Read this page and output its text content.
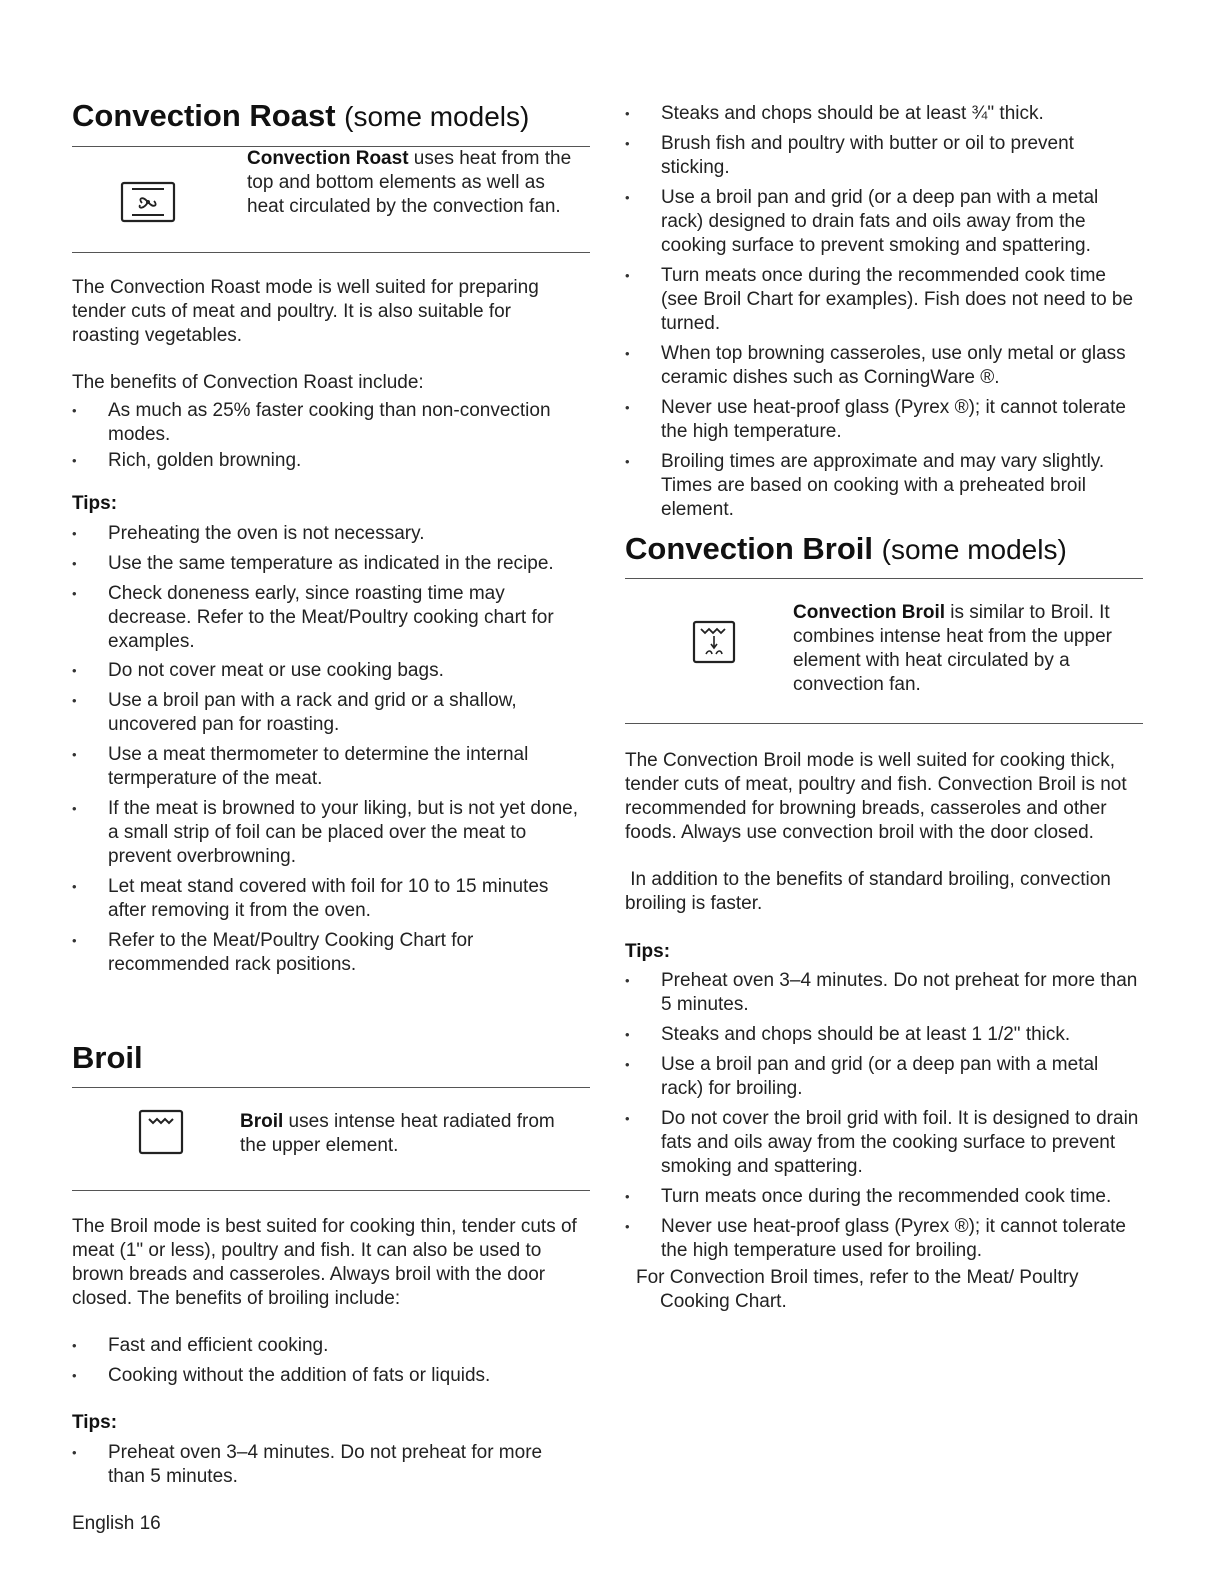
Convection Roast (some models)

Convection Roast uses heat from the top and bottom elements as well as heat circulated by the convection fan.

The Convection Roast mode is well suited for preparing tender cuts of meat and poultry. It is also suitable for roasting vegetables.

The benefits of Convection Roast include:

• As much as 25% faster cooking than non-convection modes.
• Rich, golden browning.

Tips:

• Preheating the oven is not necessary.
• Use the same temperature as indicated in the recipe.
• Check doneness early, since roasting time may decrease. Refer to the Meat/Poultry cooking chart for examples.
• Do not cover meat or use cooking bags.
• Use a broil pan with a rack and grid or a shallow, uncovered pan for roasting.
• Use a meat thermometer to determine the internal termperature of the meat.
• If the meat is browned to your liking, but is not yet done, a small strip of foil can be placed over the meat to prevent overbrowning.
• Let meat stand covered with foil for 10 to 15 minutes after removing it from the oven.
• Refer to the Meat/Poultry Cooking Chart for recommended rack positions.
Broil

Broil uses intense heat radiated from the upper element.

The Broil mode is best suited for cooking thin, tender cuts of meat (1" or less), poultry and fish. It can also be used to brown breads and casseroles. Always broil with the door closed. The benefits of broiling include:

• Fast and efficient cooking.
• Cooking without the addition of fats or liquids.

Tips:

• Preheat oven 3–4 minutes. Do not preheat for more than 5 minutes.
• Steaks and chops should be at least ¾" thick.
• Brush fish and poultry with butter or oil to prevent sticking.
• Use a broil pan and grid (or a deep pan with a metal rack) designed to drain fats and oils away from the cooking surface to prevent smoking and spattering.
• Turn meats once during the recommended cook time (see Broil Chart for examples). Fish does not need to be turned.
• When top browning casseroles, use only metal or glass ceramic dishes such as CorningWare ®.
• Never use heat-proof glass (Pyrex ®); it cannot tolerate the high temperature.
• Broiling times are approximate and may vary slightly. Times are based on cooking with a preheated broil element.
Convection Broil (some models)

Convection Broil is similar to Broil. It combines intense heat from the upper element with heat circulated by a convection fan.

The Convection Broil mode is well suited for cooking thick, tender cuts of meat, poultry and fish. Convection Broil is not recommended for browning breads, casseroles and other foods. Always use convection broil with the door closed.

In addition to the benefits of standard broiling, convection broiling is faster.

Tips:

• Preheat oven 3–4 minutes. Do not preheat for more than 5 minutes.
• Steaks and chops should be at least 1 1/2" thick.
• Use a broil pan and grid (or a deep pan with a metal rack) for broiling.
• Do not cover the broil grid with foil. It is designed to drain fats and oils away from the cooking surface to prevent smoking and spattering.
• Turn meats once during the recommended cook time.
• Never use heat-proof glass (Pyrex ®); it cannot tolerate the high temperature used for broiling.

For Convection Broil times, refer to the Meat/ Poultry Cooking Chart.

English 16
